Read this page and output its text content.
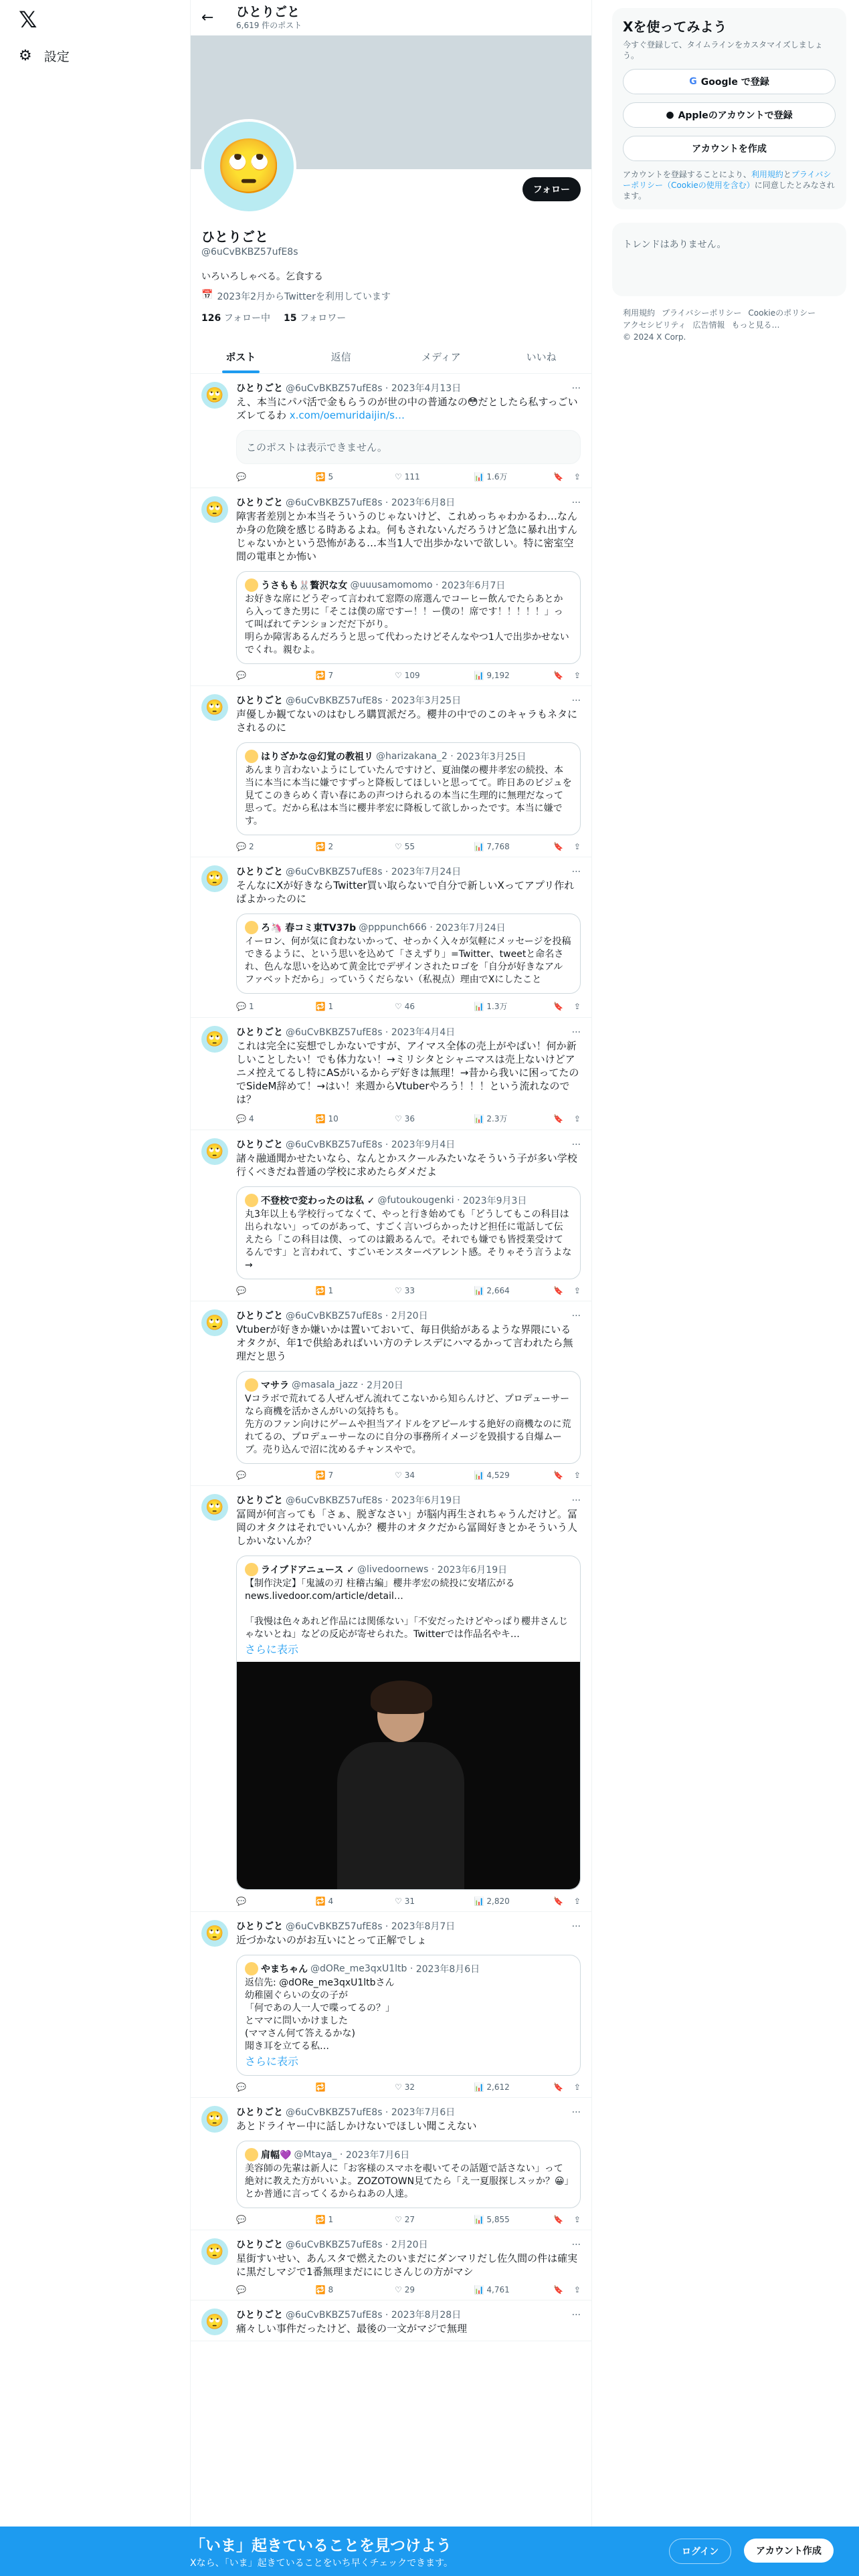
𝕏
⚙ 設定
←	ひとりごと
6,619 件のポスト
🙄	フォロー
ひとりごと
@6uCvBKBZ57ufE8s
いろいろしゃべる。乞食する
📅 2023年2月からTwitterを利用しています
126 フォロー中 15 フォロワー
ポスト	返信	メディア	いいね
🙄	ひとりごと @6uCvBKBZ57ufE8s · 2023年4月13日	···
え、本当にパパ活で金もらうのが世の中の普通なの😳だとしたら私すっごいズレてるわ x.com/oemuridaijin/s…
このポストは表示できません。
💬	🔁 5	♡ 111	📊 1.6万	🔖 ⇪
🙄	ひとりごと @6uCvBKBZ57ufE8s · 2023年6月8日	···
障害者差別とか本当そういうのじゃないけど、これめっちゃわかるわ…なんか身の危険を感じる時あるよね。何もされないんだろうけど急に暴れ出すんじゃないかという恐怖がある…本当1人で出歩かないで欲しい。特に密室空間の電車とか怖い
うさもも🐰贅沢な女 @uuusamomomo · 2023年6月7日
お好きな席にどうぞって言われて窓際の席選んでコーヒー飲んでたらあとから入ってきた男に「そこは僕の席ですー！！ー僕の！席です！！！！！」って叫ばれてテンションだだ下がり。
明らか障害あるんだろうと思って代わったけどそんなやつ1人で出歩かせないでくれ。親むよ。
💬	🔁 7	♡ 109	📊 9,192	🔖 ⇪
🙄	ひとりごと @6uCvBKBZ57ufE8s · 2023年3月25日	···
声優しか観てないのはむしろ購買派だろ。櫻井の中でのこのキャラもネタにされるのに
はりざかな@幻覚の教祖リ @harizakana_2 · 2023年3月25日
あんまり言わないようにしていたんですけど、夏油傑の櫻井孝宏の続投、本当に本当に本当に嫌ですずっと降板してほしいと思ってて。昨日あのビジュを見てこのきらめく青い春にあの声つけられるの本当に生理的に無理だなって思って。だから私は本当に櫻井孝宏に降板して欲しかったです。本当に嫌です。
💬 2	🔁 2	♡ 55	📊 7,768	🔖 ⇪
🙄	ひとりごと @6uCvBKBZ57ufE8s · 2023年7月24日	···
そんなにXが好きならTwitter買い取らないで自分で新しいXってアプリ作ればよかったのに
ろ🦄 春コミ東TV37b @pppunch666 · 2023年7月24日
イーロン、何が気に食わないかって、せっかく入々が気軽にメッセージを投稿できるように、という思いを込めて「さえずり」=Twitter、tweetと命名され、色んな思いを込めて黄金比でデザインされたロゴを「自分が好きなアルファベットだから」っていうくだらない（私視点）理由でXにしたこと
💬 1	🔁 1	♡ 46	📊 1.3万	🔖 ⇪
🙄	ひとりごと @6uCvBKBZ57ufE8s · 2023年4月4日	···
これは完全に妄想でしかないですが、アイマス全体の売上がやばい！何か新しいことしたい！でも体力ない！→ミリシタとシャニマスは売上ないけどアニメ控えてるし特にASがいるからデ好きは無理！→昔から我いに困ってたのでSideM辞めて！→はい！来週からVtuberやろう！！！という流れなのでは？
💬 4	🔁 10	♡ 36	📊 2.3万	🔖 ⇪
🙄	ひとりごと @6uCvBKBZ57ufE8s · 2023年9月4日	···
諸々融通聞かせたいなら、なんとかスクールみたいなそういう子が多い学校行くべきだね普通の学校に求めたらダメだよ
不登校で変わったのは私 ✓ @futoukougenki · 2023年9月3日
丸3年以上も学校行ってなくて、やっと行き始めても「どうしてもこの科目は出られない」ってのがあって、すごく言いづらかったけど担任に電話して伝えたら「この科目は僕、ってのは鍛あるんで。それでも嫌でも皆授業受けてるんです」と言われて、すごいモンスターペアレント感。そりゃそう言うよな→
💬	🔁 1	♡ 33	📊 2,664	🔖 ⇪
🙄	ひとりごと @6uCvBKBZ57ufE8s · 2月20日	···
Vtuberが好きか嫌いかは置いておいて、毎日供給があるような界隈にいるオタクが、年1で供給あればいい方のテレスデにハマるかって言われたら無理だと思う
マサラ @masala_jazz · 2月20日
Vコラボで荒れてる人ぜんぜん流れてこないから知らんけど、プロデューサーなら商機を活かさんがいの気持ちも。
先方のファン向けにゲームや担当アイドルをアピールする絶好の商機なのに荒れてるの、プロデューサーなのに自分の事務所イメージを毀損する自爆ムーブ。売り込んで沼に沈めるチャンスやで。
💬	🔁 7	♡ 34	📊 4,529	🔖 ⇪
🙄	ひとりごと @6uCvBKBZ57ufE8s · 2023年6月19日	···
冨岡が何言っても「さぁ、脱ぎなさい」が脳内再生されちゃうんだけど。冨岡のオタクはそれでいいんか？櫻井のオタクだから冨岡好きとかそういう人しかいないんか？
ライブドアニュース ✓ @livedoornews · 2023年6月19日
【制作決定】「鬼滅の刃 柱稽古編」櫻井孝宏の続投に安堵広がる
news.livedoor.com/article/detail…

「我慢は色々あれど作品には関係ない」「不安だったけどやっぱり櫻井さんじゃないとね」などの反応が寄せられた。Twitterでは作品名やキ…
さらに表示
💬	🔁 4	♡ 31	📊 2,820	🔖 ⇪
🙄	ひとりごと @6uCvBKBZ57ufE8s · 2023年8月7日	···
近づかないのがお互いにとって正解でしょ
やまちゃん @dORe_me3qxU1ltb · 2023年8月6日
返信先: @dORe_me3qxU1ltbさん
幼稚園ぐらいの女の子が
「何であの人一人で喋ってるの？」
とママに問いかけました
(ママさん何て答えるかな)
聞き耳を立てる私…
さらに表示
💬	🔁	♡ 32	📊 2,612	🔖 ⇪
🙄	ひとりごと @6uCvBKBZ57ufE8s · 2023年7月6日	···
あとドライヤー中に話しかけないでほしい聞こえない
肩幅💜 @Mtaya_ · 2023年7月6日
美容師の先輩は新人に「お客様のスマホを覗いてその話題で話さない」って絶対に教えた方がいいよ。ZOZOTOWN見てたら「え一夏服探しスッか？😀」とか普通に言ってくるからねあの人達。
💬	🔁 1	♡ 27	📊 5,855	🔖 ⇪
🙄	ひとりごと @6uCvBKBZ57ufE8s · 2月20日	···
星街すいせい、あんスタで燃えたのいまだにダンマリだし佐久間の件は確実に黒だしマジで1番無理まだににじさんじの方がマシ
💬	🔁 8	♡ 29	📊 4,761	🔖 ⇪
🙄	ひとりごと @6uCvBKBZ57ufE8s · 2023年8月28日	···
痛々しい事件だったけど、最後の一文がマジで無理
Xを使ってみよう
今すぐ登録して、タイムラインをカスタマイズしましょう。
G Google で登録
● Appleのアカウントで登録
アカウントを作成
アカウントを登録することにより、利用規約とプライバシーポリシー（Cookieの使用を含む）に同意したとみなされます。
トレンドはありません。
利用規約 プライバシーポリシー Cookieのポリシー
アクセシビリティ 広告情報 もっと見る…
© 2024 X Corp.
「いま」起きていることを見つけよう
Xなら、「いま」起きていることをいち早くチェックできます。
ログイン	アカウント作成
